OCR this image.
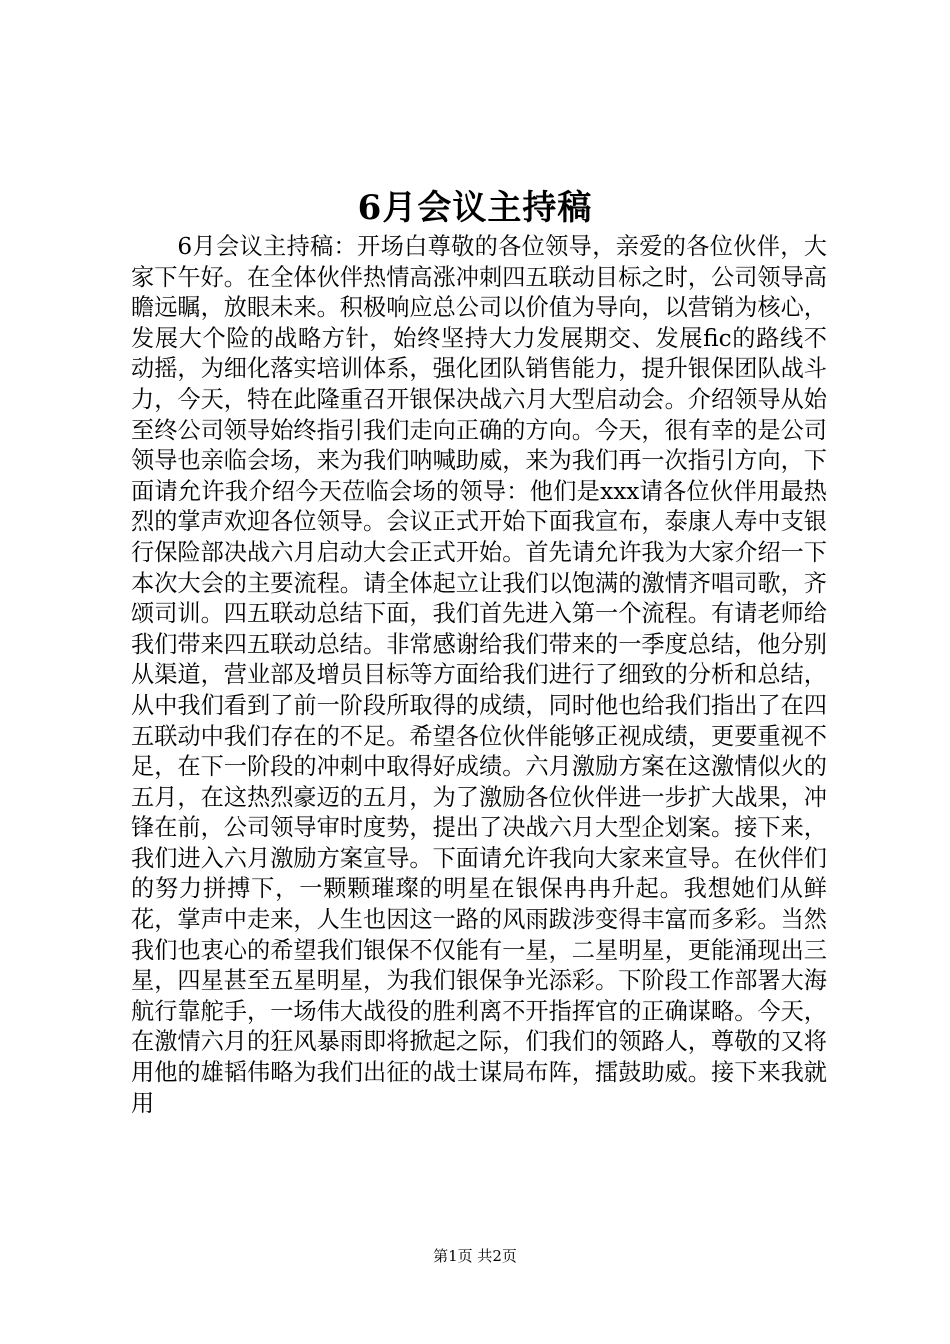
6月会议主持稿

6月会议主持稿：开场白尊敬的各位领导，亲爱的各位伙伴，大家下午好。在全体伙伴热情高涨冲刺四五联动目标之时，公司领导高瞻远瞩，放眼未来。积极响应总公司以价值为导向，以营销为核心，发展大个险的战略方针，始终坚持大力发展期交、发展fic的路线不动摇，为细化落实培训体系，强化团队销售能力，提升银保团队战斗力，今天，特在此隆重召开银保决战六月大型启动会。介绍领导从始至终公司领导始终指引我们走向正确的方向。今天，很有幸的是公司领导也亲临会场，来为我们呐喊助威，来为我们再一次指引方向，下面请允许我介绍今天莅临会场的领导：他们是xxx请各位伙伴用最热烈的掌声欢迎各位领导。会议正式开始下面我宣布，泰康人寿中支银行保险部决战六月启动大会正式开始。首先请允许我为大家介绍一下本次大会的主要流程。请全体起立让我们以饱满的激情齐唱司歌，齐颂司训。四五联动总结下面，我们首先进入第一个流程。有请老师给我们带来四五联动总结。非常感谢给我们带来的一季度总结，他分别从渠道，营业部及增员目标等方面给我们进行了细致的分析和总结，从中我们看到了前一阶段所取得的成绩，同时他也给我们指出了在四五联动中我们存在的不足。希望各位伙伴能够正视成绩，更要重视不足，在下一阶段的冲刺中取得好成绩。六月激励方案在这激情似火的五月，在这热烈豪迈的五月，为了激励各位伙伴进一步扩大战果，冲锋在前，公司领导审时度势，提出了决战六月大型企划案。接下来，我们进入六月激励方案宣导。下面请允许我向大家来宣导。在伙伴们的努力拼搏下，一颗颗璀璨的明星在银保冉冉升起。我想她们从鲜花，掌声中走来，人生也因这一路的风雨跋涉变得丰富而多彩。当然我们也衷心的希望我们银保不仅能有一星，二星明星，更能涌现出三星，四星甚至五星明星，为我们银保争光添彩。下阶段工作部署大海航行靠舵手，一场伟大战役的胜利离不开指挥官的正确谋略。今天，在激情六月的狂风暴雨即将掀起之际，们我们的领路人，尊敬的又将用他的雄韬伟略为我们出征的战士谋局布阵，擂鼓助威。接下来我就用

第1页 共2页
